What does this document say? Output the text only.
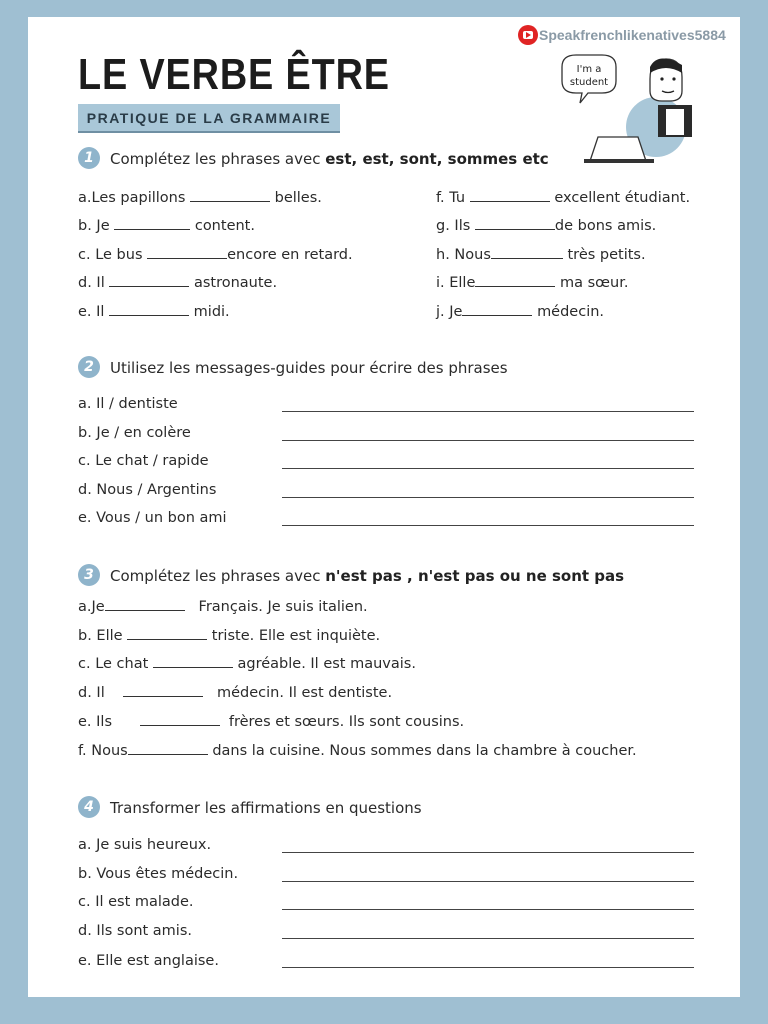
Speakfrenchlikenatives5884
LE VERBE ÊTRE
PRATIQUE DE LA GRAMMAIRE
I'm a
student
1 Complétez les phrases avec est, est, sont, sommes etc
a.Les papillons	belles.
b. Je	content.
c. Le bus	encore en retard.
d. Il	astronaute.
e. Il	midi.
f. Tu	excellent étudiant.
g. Ils	de bons amis.
h. Nous	très petits.
i. Elle	ma sœur.
j. Je	médecin.
2 Utilisez les messages-guides pour écrire des phrases
a. Il / dentiste
b. Je / en colère
c. Le chat / rapide
d. Nous / Argentins
e. Vous / un bon ami
3 Complétez les phrases avec n'est pas , n'est pas ou ne sont pas
a.Je	Français. Je suis italien.
b. Elle	triste. Elle est inquiète.
c. Le chat	agréable. Il est mauvais.
d. Il	médecin. Il est dentiste.
e. Ils	frères et sœurs. Ils sont cousins.
f. Nous	dans la cuisine. Nous sommes dans la chambre à coucher.
4 Transformer les affirmations en questions
a. Je suis heureux.
b. Vous êtes médecin.
c. Il est malade.
d. Ils sont amis.
e. Elle est anglaise.
